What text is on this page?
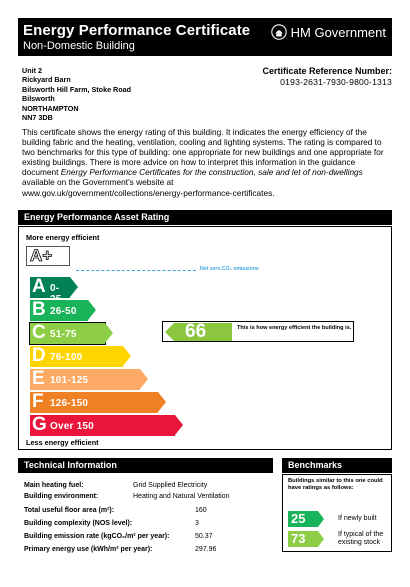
Energy Performance Certificate
Non-Domestic Building
HM Government
Unit 2
Rickyard Barn
Bilsworth Hill Farm, Stoke Road
Bilsworth
NORTHAMPTON
NN7 3DB
Certificate Reference Number:
0193-2631-7930-9800-1313

This certificate shows the energy rating of this building. It indicates the energy efficiency of the building fabric and the heating, ventilation, cooling and lighting systems. The rating is compared to two benchmarks for this type of building: one appropriate for new buildings and one appropriate for existing buildings. There is more advice on how to interpret this information in the guidance document Energy Performance Certificates for the construction, sale and let of non-dwellings available on the Government's website at

www.gov.uk/government/collections/energy-performance-certificates.

Energy Performance Asset Rating
More energy efficient
A+
Net zero CO₂ emissions
A 0-
B 26-50
C 51-75
D 76-100
E 101-125
F 126-150
G Over 150
Less energy efficient
66	This is how energy efficient the building is.
Technical Information
Main heating fuel:	Grid Supplied Electricity
Building environment:	Heating and Natural Ventilation
Total useful floor area (m²):	160
Building complexity (NOS level):	3
Building emission rate (kgCO₂/m² per year):	50.37
Primary energy use (kWh/m² per year):	297.96
Benchmarks
Buildings similar to this one could have ratings as follows:
25	If newly built
73	If typical of the existing stock
